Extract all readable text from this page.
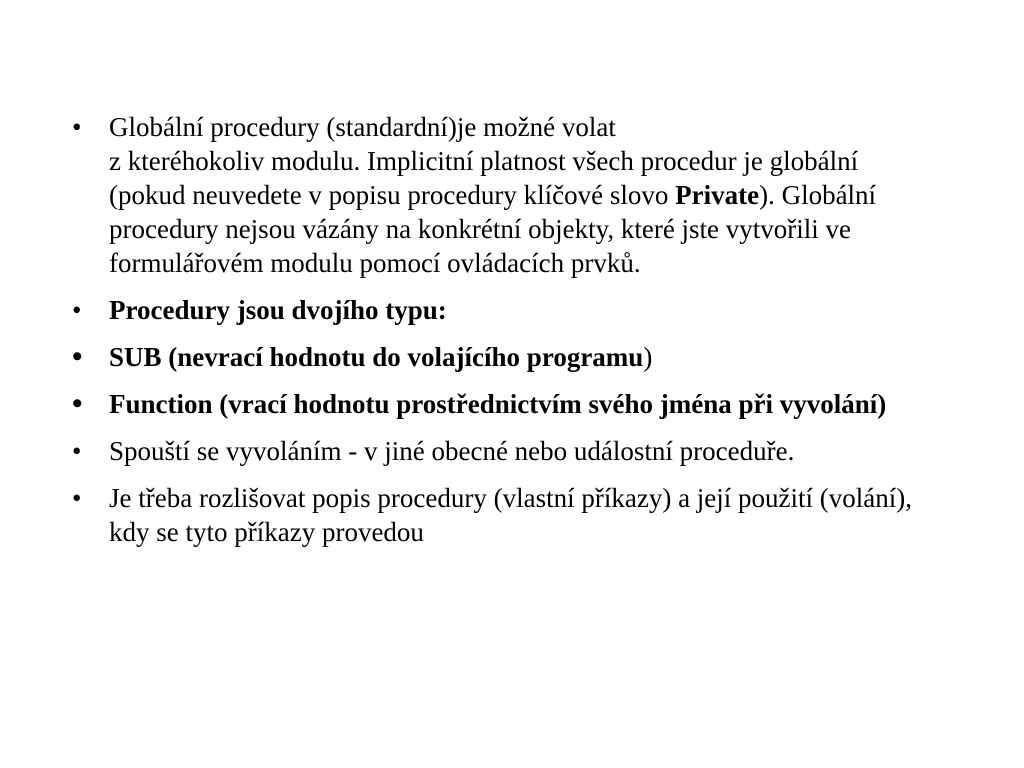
•	Globální procedury (standardní)je možné volat
z kteréhokoliv modulu. Implicitní platnost všech procedur je globální (pokud neuvedete v popisu procedury klíčové slovo Private). Globální procedury nejsou vázány na konkrétní objekty, které jste vytvořili ve formulářovém modulu pomocí ovládacích prvků.
•	Procedury jsou dvojího typu:
• SUB (nevrací hodnotu do volajícího programu)
• Function (vrací hodnotu prostřednictvím svého jména při vyvolání)
•	Spouští se vyvoláním - v jiné obecné nebo událostní proceduře.
•	Je třeba rozlišovat popis procedury (vlastní příkazy) a její použití (volání), kdy se tyto příkazy provedou
